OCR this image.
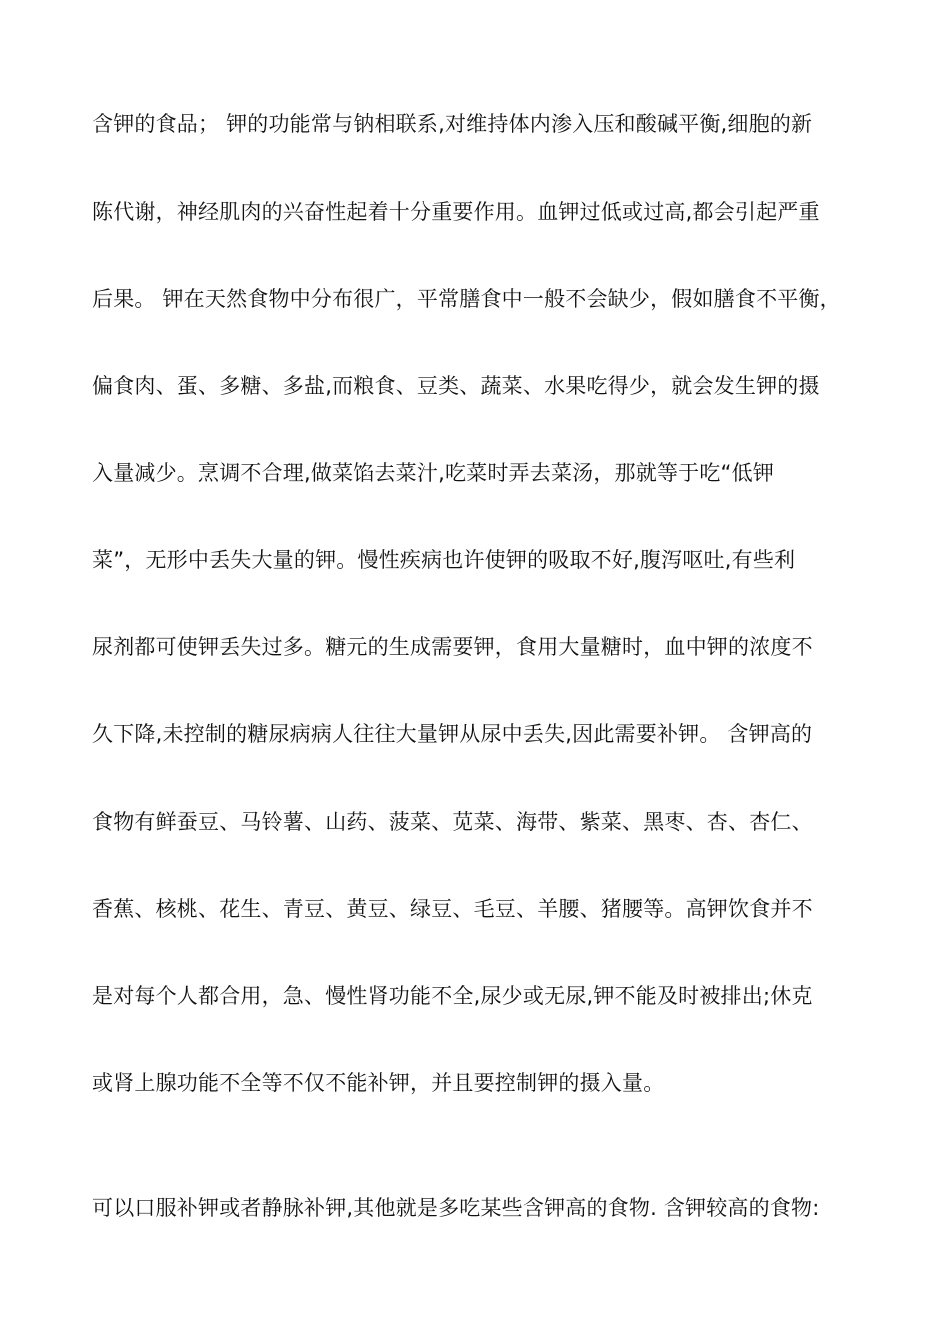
含钾的食品； 钾的功能常与钠相联系,对维持体内渗入压和酸碱平衡,细胞的新
陈代谢，神经肌肉的兴奋性起着十分重要作用。血钾过低或过高,都会引起严重
后果。 钾在天然食物中分布很广，平常膳食中一般不会缺少，假如膳食不平衡，
偏食肉、蛋、多糖、多盐,而粮食、豆类、蔬菜、水果吃得少，就会发生钾的摄
入量减少。烹调不合理,做菜馅去菜汁,吃菜时弄去菜汤，那就等于吃“低钾
菜”，无形中丢失大量的钾。慢性疾病也许使钾的吸取不好,腹泻呕吐,有些利
尿剂都可使钾丢失过多。糖元的生成需要钾，食用大量糖时，血中钾的浓度不
久下降,未控制的糖尿病病人往往大量钾从尿中丢失,因此需要补钾。 含钾高的
食物有鲜蚕豆、马铃薯、山药、菠菜、苋菜、海带、紫菜、黑枣、杏、杏仁、
香蕉、核桃、花生、青豆、黄豆、绿豆、毛豆、羊腰、猪腰等。高钾饮食并不
是对每个人都合用，急、慢性肾功能不全,尿少或无尿,钾不能及时被排出;休克
或肾上腺功能不全等不仅不能补钾，并且要控制钾的摄入量。
可以口服补钾或者静脉补钾,其他就是多吃某些含钾高的食物. 含钾较高的食物:
